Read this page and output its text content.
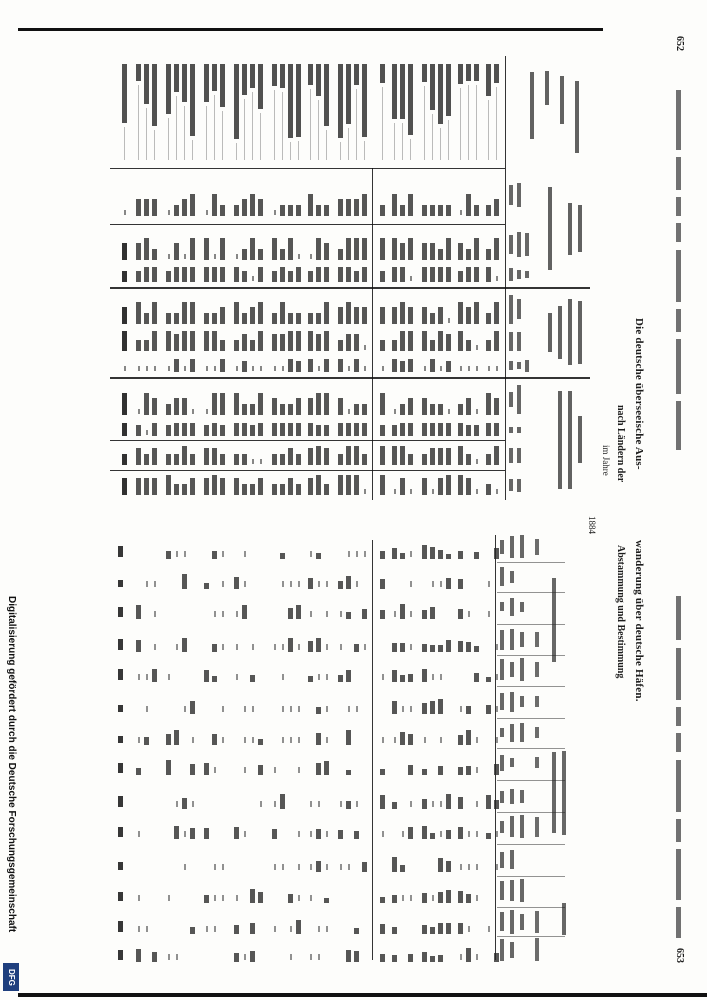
652
653
Die deutsche überseeische Aus-
wanderung über deutsche Häfen.
nach Ländern der
Abstammung und Bestimmung
im Jahre
1884
Digitalisierung gefördert durch die Deutsche Forschungsgemeinschaft
DFG
